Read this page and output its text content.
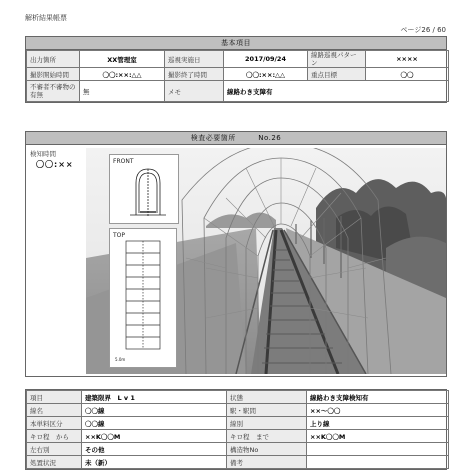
解析結果帳票
ページ26 / 60
基本項目
出力箇所	XX管理室	巡視実施日	2017/09/24	線路巡視パターン	××××
撮影開始時間	〇〇:××:△△	撮影終了時間	〇〇:××:△△	重点目標	〇〇
不審者不審物の有無	無	メモ	線路わき支障有		
検査必要箇所　　　No.26
検知時間
〇〇:××	FRONT
TOP
5.0m
項目	建築限界　L v 1	状態	線路わき支障検知有
線名	〇〇線	駅・駅間	××〜〇〇
本単料区分	〇〇線	線別	上り線
キロ程　から	××K〇〇M	キロ程　まで	××K〇〇M
左右別	その他	構造物No	
処置状況	未（新）	備考	
